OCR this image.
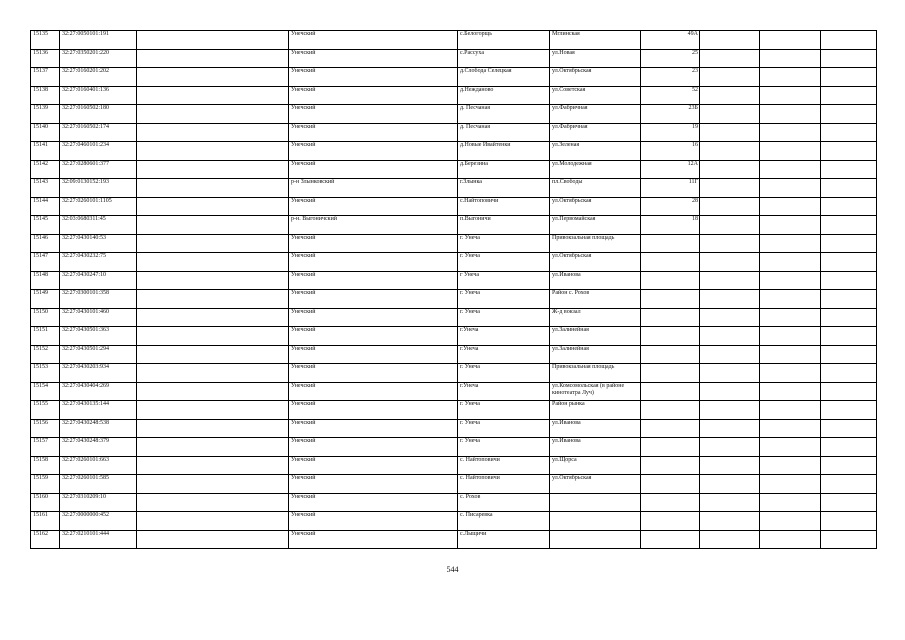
15135	32:27:0050101:191		Унечский	с.Белогорщь	Мглинская	49А			
15136	32:27:0350201:220		Унечский	с.Рассуха	ул.Новая	25			
15137	32:27:0160201:202		Унечский	д.Слобода Селецкая	ул.Октябрьская	23			
15138	32:27:0160401:136		Унечский	д.Нежданово	ул.Советская	52			
15139	32:27:0160502:180		Унечский	д. Песчаная	ул.Фабричная	23Б			
15140	32:27:0160502:174		Унечский	д. Песчаная	ул.Фабричная	19			
15141	32:27:0460101:234		Унечский	д.Новые Ивайтенки	ул.Зеленая	16			
15142	32:27:0280601:377		Унечский	д.Березина	ул.Молодежная	12А			
15143	32:09:0130152:193		р-н Злынковский	г.Злынка	пл.Свободы	11Г			
15144	32:27:0260101:1105		Унечский	с.Найтоповичи	ул.Октябрьская	28			
15145	32:03:0680311:45		р-н. Выгоничский	п.Выгоничи	ул.Первомайская	18			
15146	32:27:0430140:53		Унечский	г. Унеча	Привокзальная площадь				
15147	32:27:0430232:75		Унечский	г. Унеча	ул.Октябрьская				
15148	32:27:0430247:10		Унечский	г Унеча	ул.Иванова				
15149	32:27:0300101:358		Унечский	г. Унеча	Район с. Рохов				
15150	32:27:0430101:460		Унечский	г. Унеча	Ж-д вокзал				
15151	32:27:0430501:363		Унечский	г.Унеча	ул.Залинейная				
15152	32:27:0430501:294		Унечский	г.Унеча	ул.Залинейная				
15153	32:27:0430203:934		Унечский	г. Унеча	Привокзальная площадь				
15154	32:27:0430404:269		Унечский	г.Унеча	ул.Комсомольская (в районе кинотеатра Луч)				
15155	32:27:0430135:144		Унечский	г. Унеча	Район рынка				
15156	32:27:0430248:538		Унечский	г. Унеча	ул.Иванова				
15157	32:27:0430248:379		Унечский	г. Унеча	ул.Иванова				
15158	32:27:0260101:663		Унечский	с. Найтоповичи	ул.Щорса				
15159	32:27:0260101:585		Унечский	с. Найтоповичи	ул.Октябрьская				
15160	32:27:0310209:10		Унечский	с. Рохов					
15161	32:27:0000000:452		Унечский	с. Писаревка					
15162	32:27:0210101:444		Унечский	с.Лыщичи					
544
